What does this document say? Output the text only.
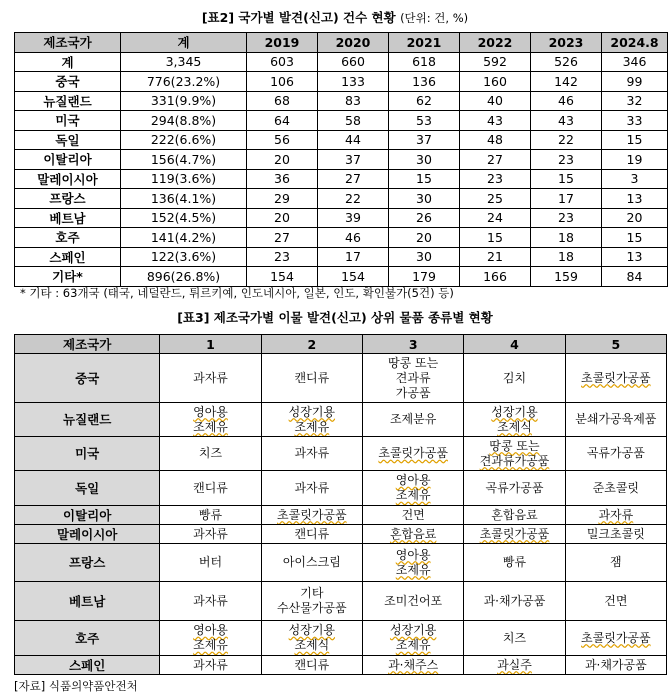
[표2] 국가별 발견(신고) 건수 현황 (단위: 건, %)
제조국가	계	2019	2020	2021	2022	2023	2024.8
계	3,345	603	660	618	592	526	346
중국	776(23.2%)	106	133	136	160	142	99
뉴질랜드	331(9.9%)	68	83	62	40	46	32
미국	294(8.8%)	64	58	53	43	43	33
독일	222(6.6%)	56	44	37	48	22	15
이탈리아	156(4.7%)	20	37	30	27	23	19
말레이시아	119(3.6%)	36	27	15	23	15	3
프랑스	136(4.1%)	29	22	30	25	17	13
베트남	152(4.5%)	20	39	26	24	23	20
호주	141(4.2%)	27	46	20	15	18	15
스페인	122(3.6%)	23	17	30	21	18	13
기타*	896(26.8%)	154	154	179	166	159	84
* 기타 : 63개국 (태국, 네덜란드, 튀르키예, 인도네시아, 일본, 인도, 확인불가(5건) 등)
[표3] 제조국가별 이물 발견(신고) 상위 물품 종류별 현황
제조국가	1	2	3	4	5
중국	과자류	캔디류	땅콩 또는
견과류
가공품	김치	초콜릿가공품
뉴질랜드	영아용
조제유	성장기용
조제유	조제분유	성장기용
조제식	분쇄가공육제품
미국	치즈	과자류	초콜릿가공품	땅콩 또는
견과류가공품	곡류가공품
독일	캔디류	과자류	영아용
조제유	곡류가공품	준초콜릿
이탈리아	빵류	초콜릿가공품	건면	혼합음료	과자류
말레이시아	과자류	캔디류	혼합음료	초콜릿가공품	밀크초콜릿
프랑스	버터	아이스크림	영아용
조제유	빵류	잼
베트남	과자류	기타
수산물가공품	조미건어포	과·채가공품	건면
호주	영아용
조제유	성장기용
조제식	성장기용
조제유	치즈	초콜릿가공품
스페인	과자류	캔디류	과·채주스	과실주	과·채가공품
[자료] 식품의약품안전처
